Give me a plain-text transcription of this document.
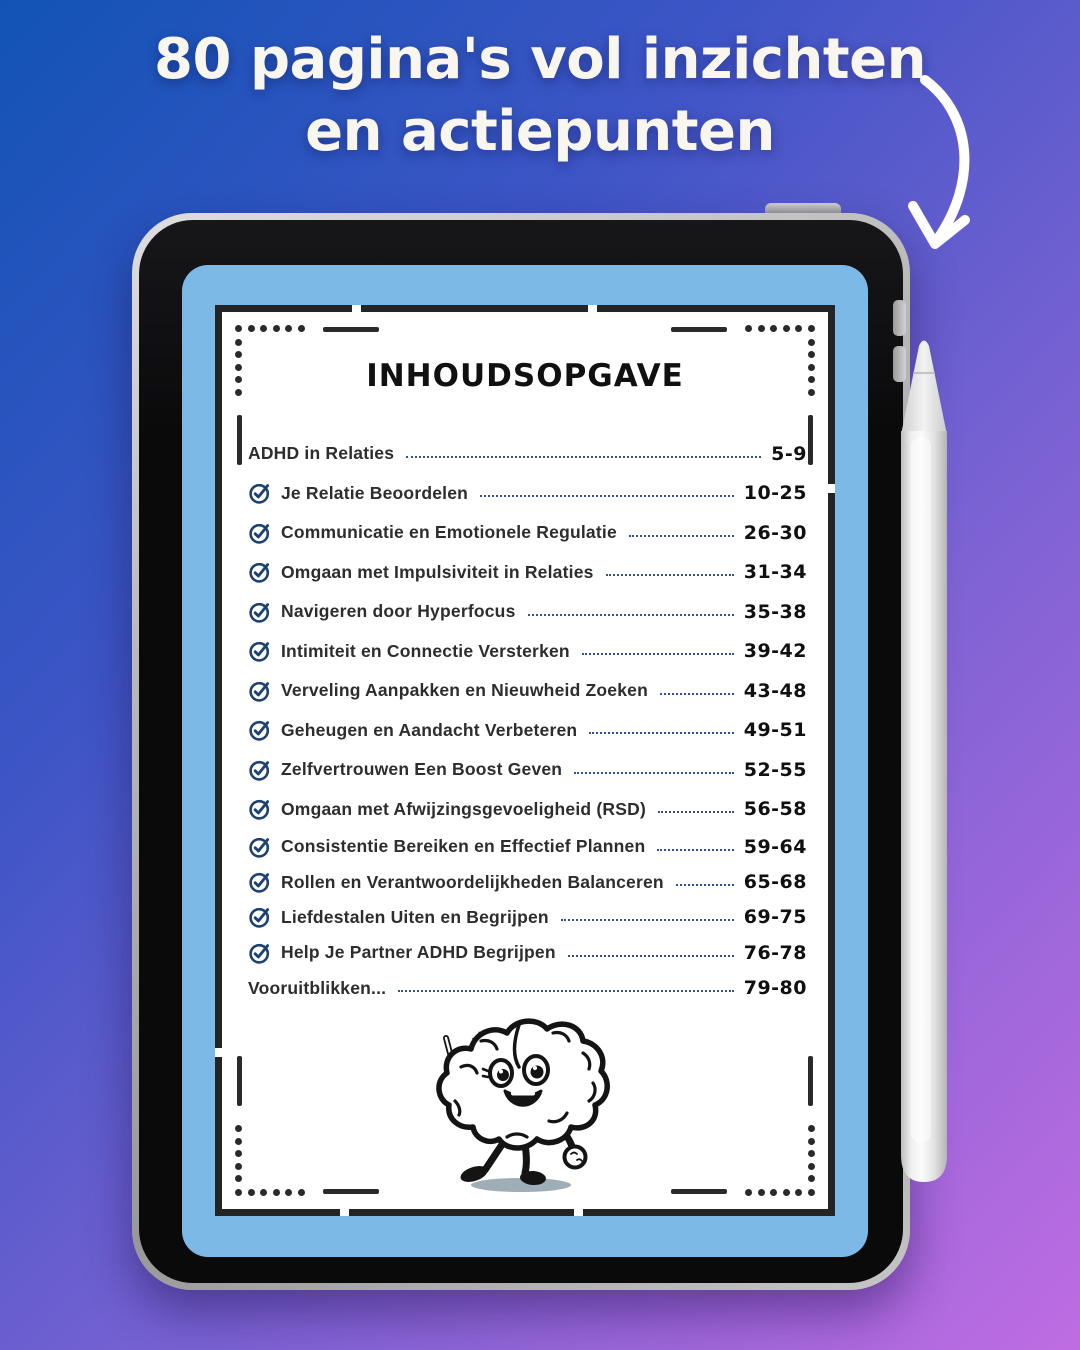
80 pagina's vol inzichten
en actiepunten
INHOUDSOPGAVE
ADHD in Relaties	5-9
Je Relatie Beoordelen	10-25
Communicatie en Emotionele Regulatie	26-30
Omgaan met Impulsiviteit in Relaties	31-34
Navigeren door Hyperfocus	35-38
Intimiteit en Connectie Versterken	39-42
Verveling Aanpakken en Nieuwheid Zoeken	43-48
Geheugen en Aandacht Verbeteren	49-51
Zelfvertrouwen Een Boost Geven	52-55
Omgaan met Afwijzingsgevoeligheid (RSD)	56-58
Consistentie Bereiken en Effectief Plannen	59-64
Rollen en Verantwoordelijkheden Balanceren	65-68
Liefdestalen Uiten en Begrijpen	69-75
Help Je Partner ADHD Begrijpen	76-78
Vooruitblikken...	79-80
